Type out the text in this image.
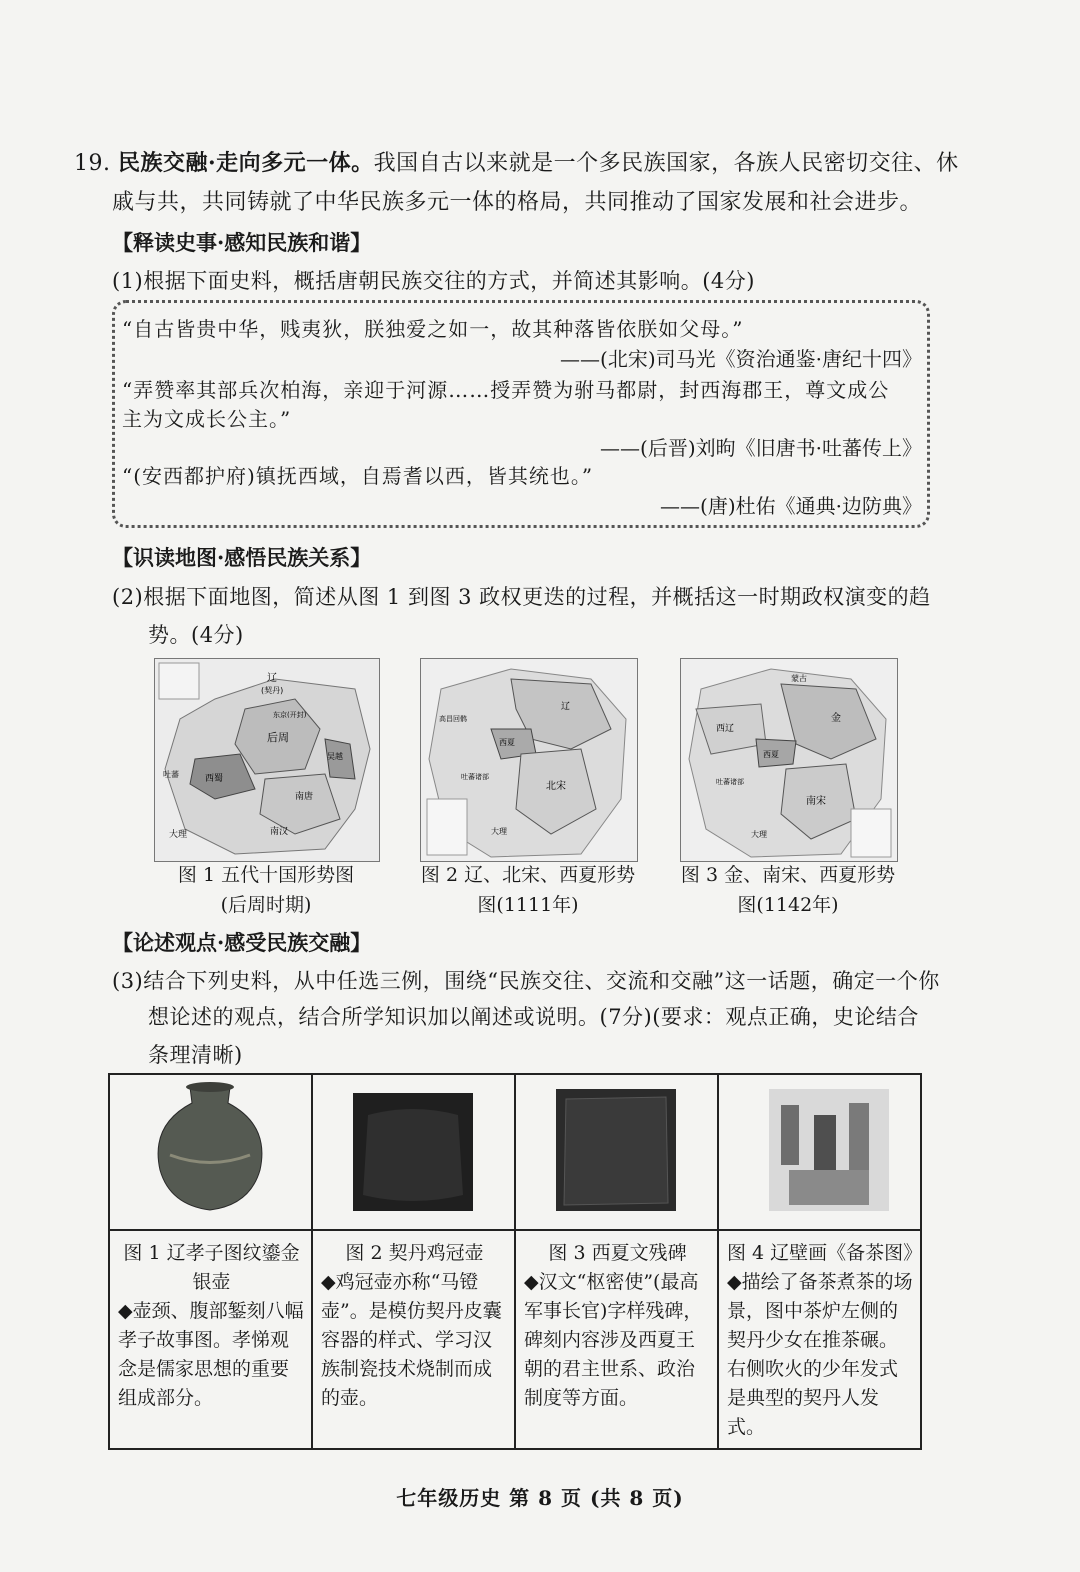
19. 民族交融·走向多元一体。我国自古以来就是一个多民族国家，各族人民密切交往、休
戚与共，共同铸就了中华民族多元一体的格局，共同推动了国家发展和社会进步。
【释读史事·感知民族和谐】
(1)根据下面史料，概括唐朝民族交往的方式，并简述其影响。(4分)
“自古皆贵中华，贱夷狄，朕独爱之如一，故其种落皆依朕如父母。”
——(北宋)司马光《资治通鉴·唐纪十四》
“弄赞率其部兵次柏海，亲迎于河源……授弄赞为驸马都尉，封西海郡王，尊文成公
主为文成长公主。”
——(后晋)刘昫《旧唐书·吐蕃传上》
“(安西都护府)镇抚西域，自焉耆以西，皆其统也。”
——(唐)杜佑《通典·边防典》
【识读地图·感悟民族关系】
(2)根据下面地图，简述从图 1 到图 3 政权更迭的过程，并概括这一时期政权演变的趋
势。(4分)
辽
(契丹)
东京(开封)
后周
西蜀
吐蕃
南唐
吴越
南汉
大理
图 1 五代十国形势图
(后周时期)
辽
西夏
北宋
高昌回鹘
吐蕃诸部
大理
图 2 辽、北宋、西夏形势
图(1111年)
蒙古
西辽
金
西夏
南宋
吐蕃诸部
大理
图 3 金、南宋、西夏形势
图(1142年)
【论述观点·感受民族交融】
(3)结合下列史料，从中任选三例，围绕“民族交往、交流和交融”这一话题，确定一个你
想论述的观点，结合所学知识加以阐述或说明。(7分)(要求：观点正确，史论结合
条理清晰)

图 1 辽孝子图纹鎏金银壶
◆壶颈、腹部錾刻八幅孝子故事图。孝悌观念是儒家思想的重要组成部分。	图 2 契丹鸡冠壶
◆鸡冠壶亦称“马镫壶”。是模仿契丹皮囊容器的样式、学习汉族制瓷技术烧制而成的壶。	图 3 西夏文残碑
◆汉文“枢密使”(最高军事长官)字样残碑，碑刻内容涉及西夏王朝的君主世系、政治制度等方面。	图 4 辽壁画《备茶图》
◆描绘了备茶煮茶的场景，图中茶炉左侧的契丹少女在推茶碾。右侧吹火的少年发式是典型的契丹人发式。
七年级历史 第 8 页 (共 8 页)
